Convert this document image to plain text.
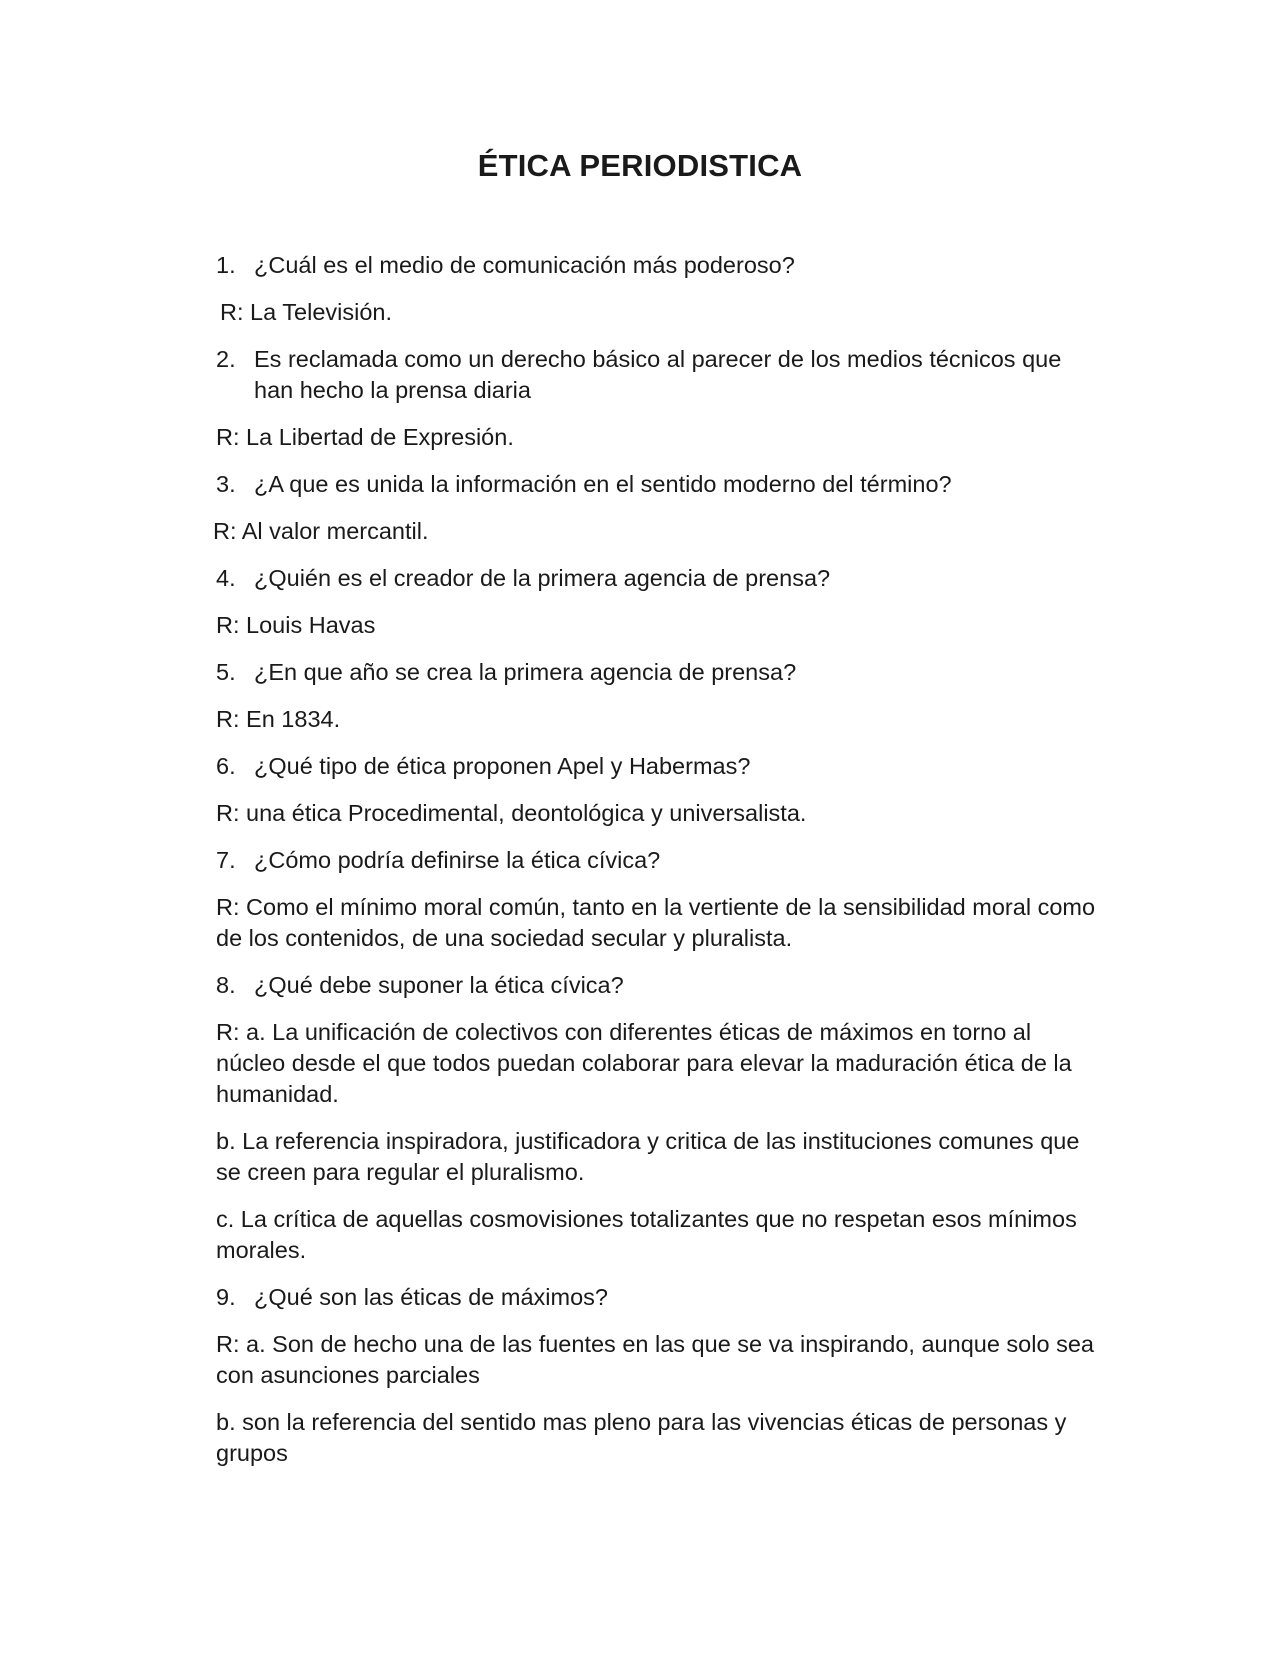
ÉTICA PERIODISTICA
1. ¿Cuál es el medio de comunicación más poderoso?
R: La Televisión.
2. Es reclamada como un derecho básico al parecer de los medios técnicos que han hecho la prensa diaria
R: La Libertad de Expresión.
3. ¿A que es unida la información en el sentido moderno del término?
R: Al valor mercantil.
4. ¿Quién es el creador de la primera agencia de prensa?
R: Louis Havas
5. ¿En que año se crea la primera agencia de prensa?
R: En 1834.
6. ¿Qué tipo de ética proponen Apel y Habermas?
R: una ética Procedimental, deontológica y universalista.
7. ¿Cómo podría definirse la ética cívica?
R: Como el mínimo moral común, tanto en la vertiente de la sensibilidad moral como de los contenidos, de una sociedad secular y pluralista.
8. ¿Qué debe suponer la ética cívica?
R: a. La unificación de colectivos con diferentes éticas de máximos en torno al núcleo desde el que todos puedan colaborar para elevar la maduración ética de la humanidad.
b. La referencia inspiradora, justificadora y critica de las instituciones comunes que se creen para regular el pluralismo.
c. La crítica de aquellas cosmovisiones totalizantes que no respetan esos mínimos morales.
9. ¿Qué son las éticas de máximos?
R: a. Son de hecho una de las fuentes en las que se va inspirando, aunque solo sea con asunciones parciales
b. son la referencia del sentido mas pleno para las vivencias éticas de personas y grupos
